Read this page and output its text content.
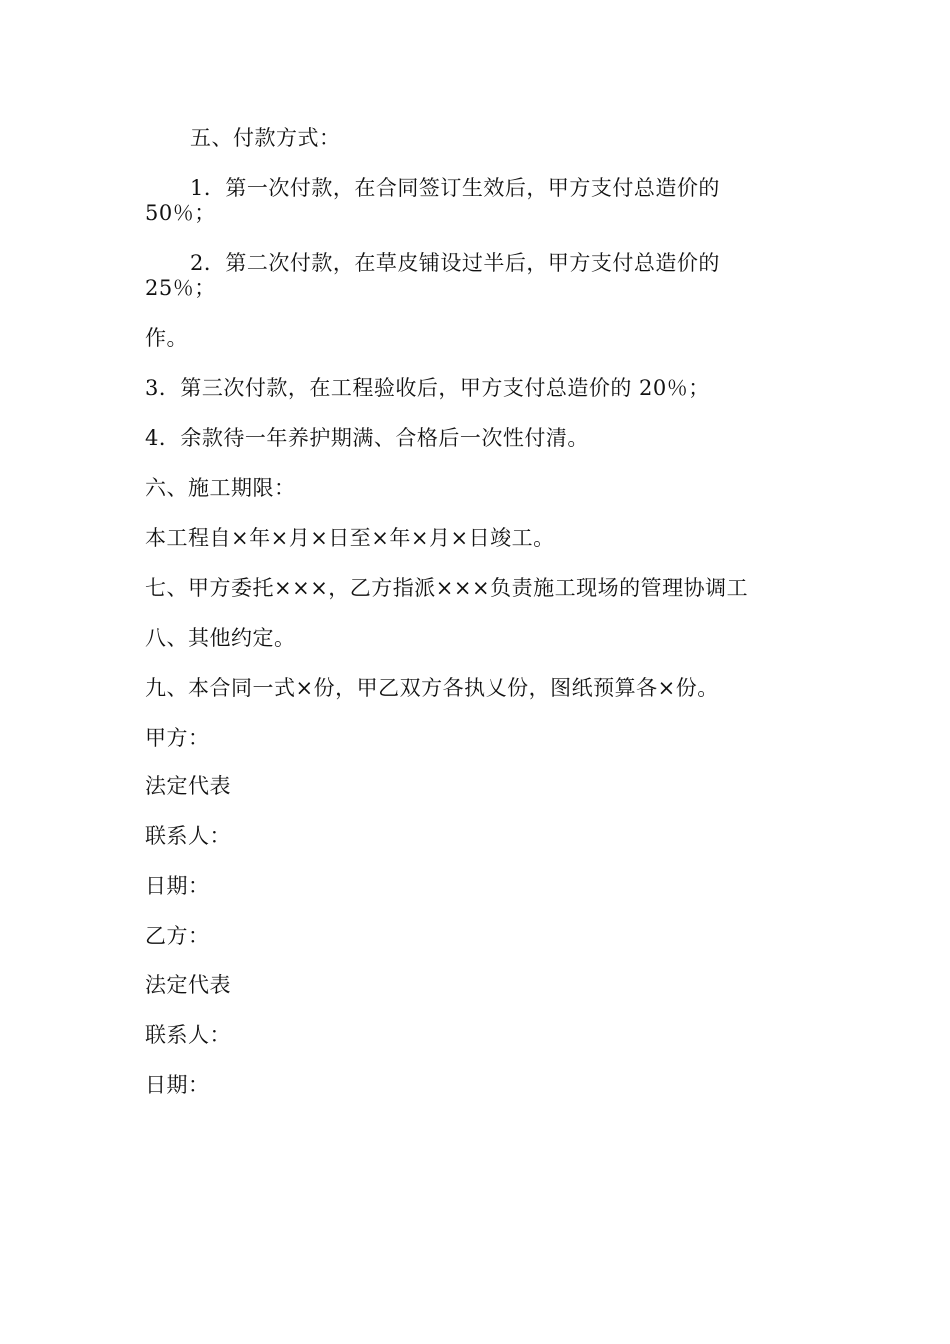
五、付款方式：
1．第一次付款，在合同签订生效后，甲方支付总造价的
50％；
2．第二次付款，在草皮铺设过半后，甲方支付总造价的
25％；
作。
3．第三次付款，在工程验收后，甲方支付总造价的 20％；
4．余款待一年养护期满、合格后一次性付清。
六、施工期限：
本工程自×年×月×日至×年×月×日竣工。
七、甲方委托×××，乙方指派×××负责施工现场的管理协调工
八、其他约定。
九、本合同一式×份，甲乙双方各执乂份，图纸预算各×份。
甲方：
法定代表
联系人：
日期：
乙方：
法定代表
联系人：
日期：
